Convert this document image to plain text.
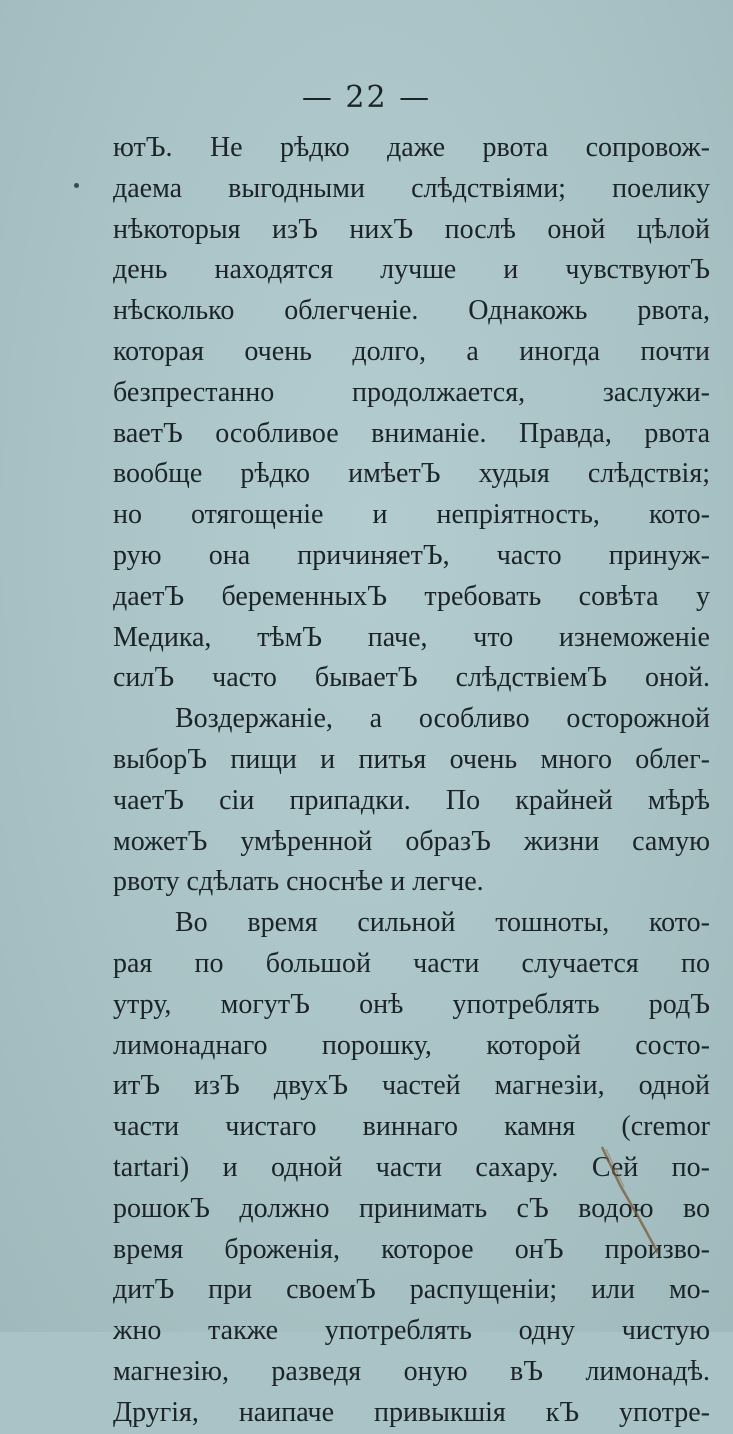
— 22 —
ютЪ. Не рѣдко даже рвота сопровож-
даема выгодными слѣдствіями; поелику
нѣкоторыя изЪ нихЪ послѣ оной цѣлой
день находятся лучше и чувствуютЪ
нѣсколько облегченіе. Однакожь рвота,
которая очень долго, а иногда почти
безпрестанно продолжается, заслужи-
ваетЪ особливое вниманіе. Правда, рвота
вообще рѣдко имѣетЪ худыя слѣдствія;
но отягощеніе и непріятность, кото-
рую она причиняетЪ, часто принуж-
даетЪ беременныхЪ требовать совѣта у
Медика, тѣмЪ паче, что изнеможеніе
силЪ часто бываетЪ слѣдствіемЪ оной.
Воздержаніе, а особливо осторожной
выборЪ пищи и питья очень много облег-
чаетЪ сіи припадки. По крайней мѣрѣ
можетЪ умѣренной образЪ жизни самую
рвоту сдѣлать сноснѣе и легче.
Во время сильной тошноты, кото-
рая по большой части случается по
утру, могутЪ онѣ употреблять родЪ
лимонаднаго порошку, которой состо-
итЪ изЪ двухЪ частей магнезіи, одной
части чистаго виннаго камня (cremor
tartari) и одной части сахару. Сей по-
рошокЪ должно принимать сЪ водою во
время броженія, которое онЪ произво-
дитЪ при своемЪ распущеніи; или мо-
жно также употреблять одну чистую
магнезію, разведя оную вЪ лимонадѣ.
Другія, наипаче привыкшія кЪ употре-
